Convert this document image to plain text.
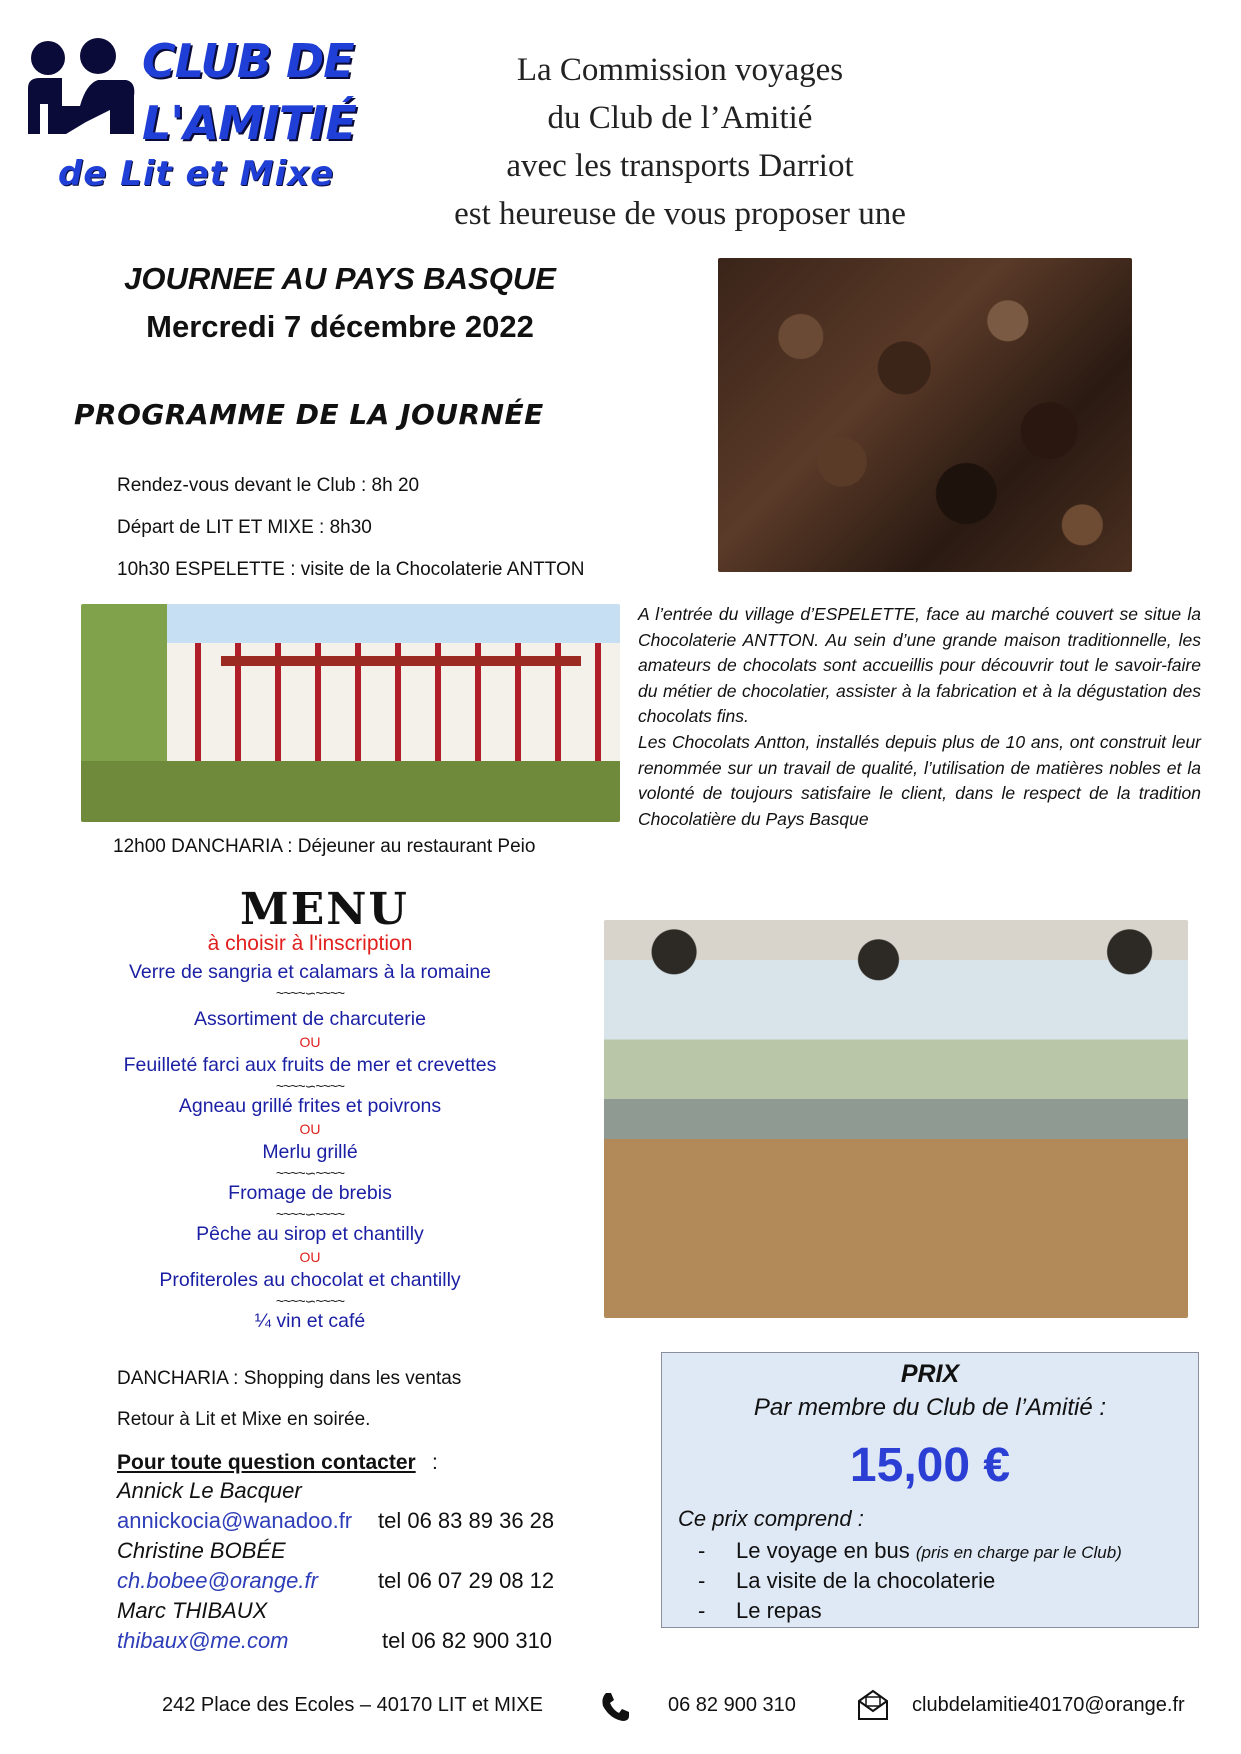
CLUB DE
L'AMITIÉ
de Lit et Mixe
La Commission voyages
du Club de l’Amitié
avec les transports Darriot
est heureuse de vous proposer une
JOURNEE AU PAYS BASQUE
Mercredi 7 décembre 2022
PROGRAMME DE LA JOURNÉE
Rendez-vous devant le Club : 8h 20
Départ de LIT ET MIXE : 8h30
10h30 ESPELETTE : visite de la Chocolaterie ANTTON

A l’entrée du village d’ESPELETTE, face au marché couvert se situe la Chocolaterie ANTTON. Au sein d’une grande maison traditionnelle, les amateurs de chocolats sont accueillis pour découvrir tout le savoir-faire du métier de chocolatier, assister à la fabrication et à la dégustation des chocolats fins.

Les Chocolats Antton, installés depuis plus de 10 ans, ont construit leur renommée sur un travail de qualité, l’utilisation de matières nobles et la volonté de toujours satisfaire le client, dans le respect de la tradition Chocolatière du Pays Basque

12h00 DANCHARIA : Déjeuner au restaurant Peio
MENU
à choisir à l'inscription
Verre de sangria et calamars à la romaine
~~~~∽~~~~
Assortiment de charcuterie
OU
Feuilleté farci aux fruits de mer et crevettes
~~~~∽~~~~
Agneau grillé frites et poivrons
OU
Merlu grillé
~~~~∽~~~~
Fromage de brebis
~~~~∽~~~~
Pêche au sirop et chantilly
OU
Profiteroles au chocolat et chantilly
~~~~∽~~~~
¼ vin et café
DANCHARIA : Shopping dans les ventas
Retour à Lit et Mixe en soirée.
Pour toute question contacter :
Annick Le Bacquer
annickocia@wanadoo.fr tel 06 83 89 36 28
Christine BOBÉE
ch.bobee@orange.fr	tel 06 07 29 08 12
Marc THIBAUX
thibaux@me.com	tel 06 82 900 310
PRIX
Par membre du Club de l’Amitié :
15,00 €
Ce prix comprend :
- Le voyage en bus (pris en charge par le Club)
- La visite de la chocolaterie
- Le repas
242 Place des Ecoles – 40170 LIT et MIXE	06 82 900 310	clubdelamitie40170@orange.fr
